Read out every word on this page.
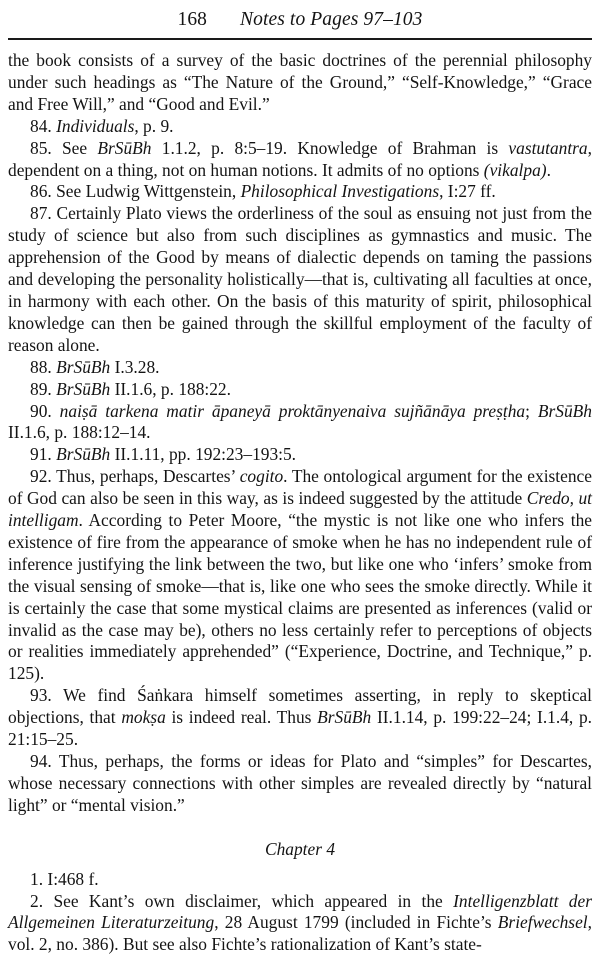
168 Notes to Pages 97–103

the book consists of a survey of the basic doctrines of the perennial philosophy under such headings as “The Nature of the Ground,” “Self-Knowledge,” “Grace and Free Will,” and “Good and Evil.”

84. Individuals, p. 9.

85. See BrSūBh 1.1.2, p. 8:5–19. Knowledge of Brahman is vastutantra, dependent on a thing, not on human notions. It admits of no options (vikalpa).

86. See Ludwig Wittgenstein, Philosophical Investigations, I:27 ff.

87. Certainly Plato views the orderliness of the soul as ensuing not just from the study of science but also from such disciplines as gymnastics and music. The apprehension of the Good by means of dialectic depends on taming the passions and developing the personality holistically—that is, cultivating all faculties at once, in harmony with each other. On the basis of this maturity of spirit, philosophical knowledge can then be gained through the skillful employment of the faculty of reason alone.

88. BrSūBh I.3.28.

89. BrSūBh II.1.6, p. 188:22.

90. naiṣā tarkena matir āpaneyā proktānyenaiva sujñānāya preṣṭha; BrSūBh II.1.6, p. 188:12–14.

91. BrSūBh II.1.11, pp. 192:23–193:5.

92. Thus, perhaps, Descartes’ cogito. The ontological argument for the existence of God can also be seen in this way, as is indeed suggested by the attitude Credo, ut intelligam. According to Peter Moore, “the mystic is not like one who infers the existence of fire from the appearance of smoke when he has no independent rule of inference justifying the link between the two, but like one who ‘infers’ smoke from the visual sensing of smoke—that is, like one who sees the smoke directly. While it is certainly the case that some mystical claims are presented as inferences (valid or invalid as the case may be), others no less certainly refer to perceptions of objects or realities immediately apprehended” (“Experience, Doctrine, and Technique,” p. 125).

93. We find Śaṅkara himself sometimes asserting, in reply to skeptical objections, that mokṣa is indeed real. Thus BrSūBh II.1.14, p. 199:22–24; I.1.4, p. 21:15–25.

94. Thus, perhaps, the forms or ideas for Plato and “simples” for Descartes, whose necessary connections with other simples are revealed directly by “natural light” or “mental vision.”

Chapter 4

1. I:468 f.

2. See Kant’s own disclaimer, which appeared in the Intelligenzblatt der Allgemeinen Literaturzeitung, 28 August 1799 (included in Fichte’s Briefwechsel, vol. 2, no. 386). But see also Fichte’s rationalization of Kant’s state-
